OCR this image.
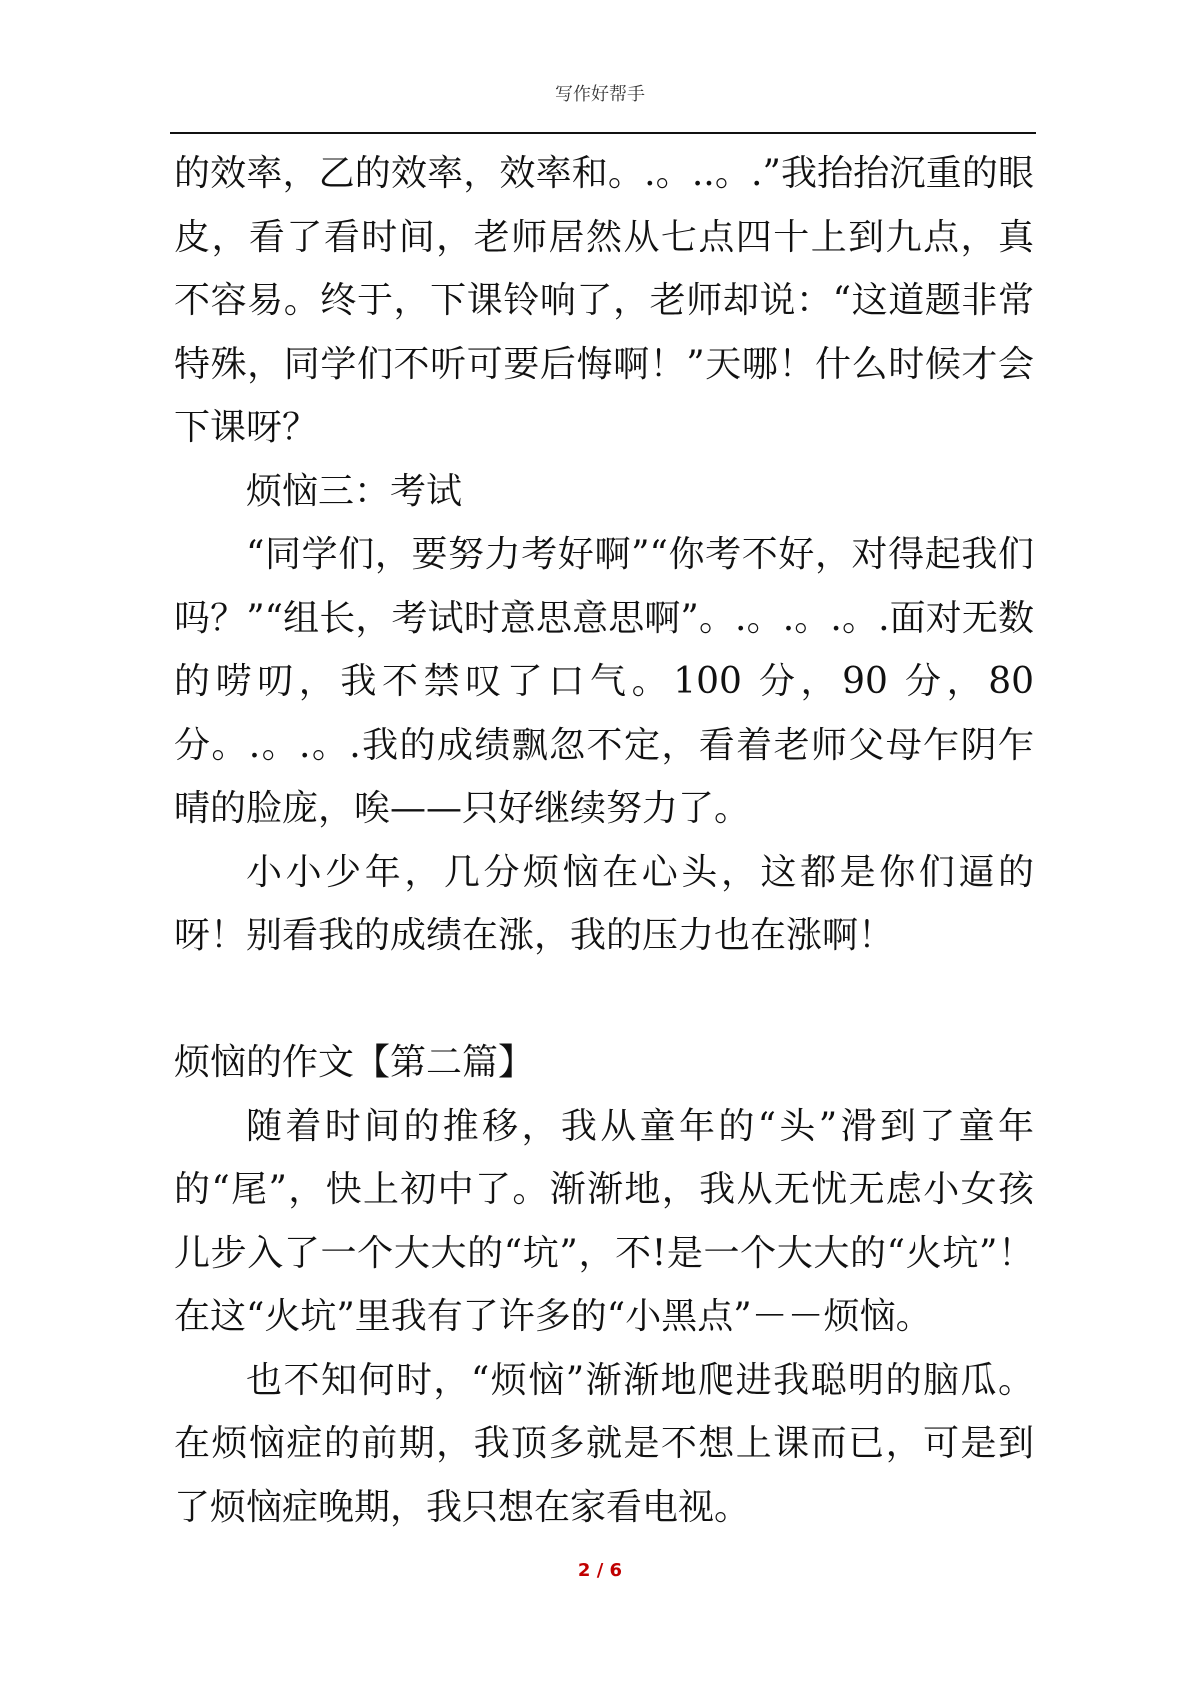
写作好帮手

的效率，乙的效率，效率和。.。..。.”我抬抬沉重的眼皮，看了看时间，老师居然从七点四十上到九点，真不容易。终于，下课铃响了，老师却说：“这道题非常特殊，同学们不听可要后悔啊！”天哪！什么时候才会下课呀？

烦恼三：考试

“同学们，要努力考好啊”“你考不好，对得起我们吗？”“组长，考试时意思意思啊”。.。.。.。.面对无数的唠叨，我不禁叹了口气。100 分，90 分，80 分。.。.。.我的成绩飘忽不定，看着老师父母乍阴乍晴的脸庞，唉——只好继续努力了。

小小少年，几分烦恼在心头，这都是你们逼的呀！别看我的成绩在涨，我的压力也在涨啊！

烦恼的作文【第二篇】

随着时间的推移，我从童年的“头”滑到了童年的“尾”，快上初中了。渐渐地，我从无忧无虑小女孩儿步入了一个大大的“坑”，不!是一个大大的“火坑”！在这“火坑”里我有了许多的“小黑点”－－烦恼。

也不知何时，“烦恼”渐渐地爬进我聪明的脑瓜。在烦恼症的前期，我顶多就是不想上课而已，可是到了烦恼症晚期，我只想在家看电视。

2 / 6
